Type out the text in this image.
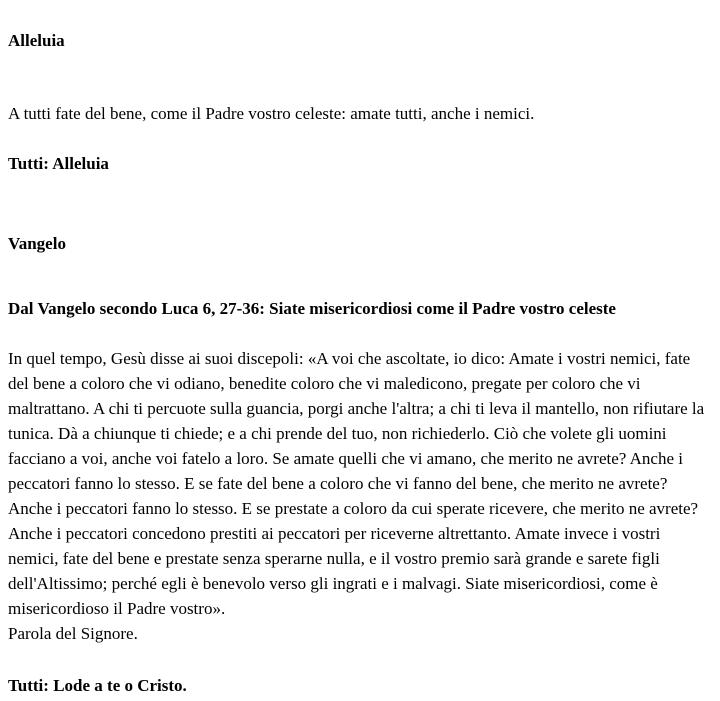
Alleluia

A tutti fate del bene, come il Padre vostro celeste: amate tutti, anche i nemici.

Tutti: Alleluia

Vangelo

Dal Vangelo secondo Luca 6, 27-36: Siate misericordiosi come il Padre vostro celeste

In quel tempo, Gesù disse ai suoi discepoli: «A voi che ascoltate, io dico: Amate i vostri nemici, fate del bene a coloro che vi odiano, benedite coloro che vi maledicono, pregate per coloro che vi maltrattano. A chi ti percuote sulla guancia, porgi anche l'altra; a chi ti leva il mantello, non rifiutare la tunica. Dà a chiunque ti chiede; e a chi prende del tuo, non richiederlo. Ciò che volete gli uomini facciano a voi, anche voi fatelo a loro. Se amate quelli che vi amano, che merito ne avrete? Anche i peccatori fanno lo stesso. E se fate del bene a coloro che vi fanno del bene, che merito ne avrete? Anche i peccatori fanno lo stesso. E se prestate a coloro da cui sperate ricevere, che merito ne avrete? Anche i peccatori concedono prestiti ai peccatori per riceverne altrettanto. Amate invece i vostri nemici, fate del bene e prestate senza sperarne nulla, e il vostro premio sarà grande e sarete figli dell'Altissimo; perché egli è benevolo verso gli ingrati e i malvagi. Siate misericordiosi, come è misericordioso il Padre vostro».
Parola del Signore.

Tutti: Lode a te o Cristo.
